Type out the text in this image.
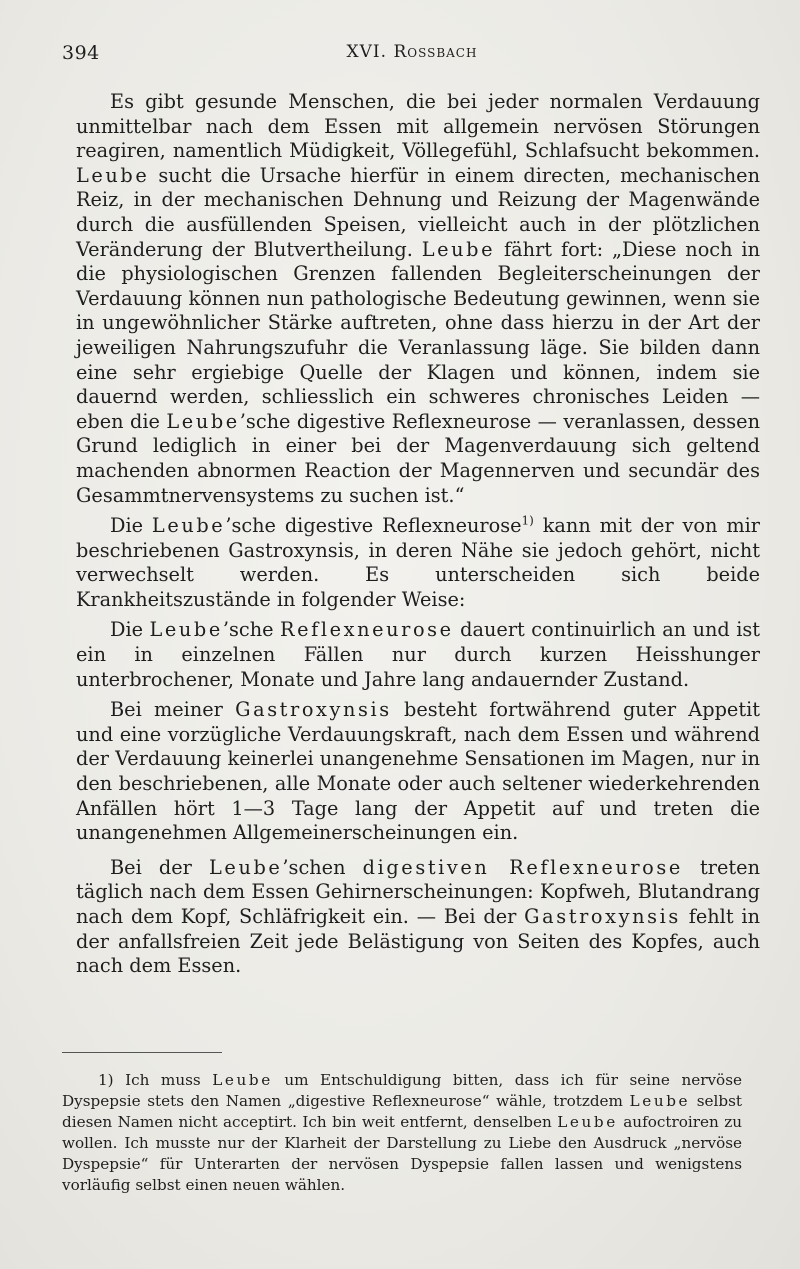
394	XVI. Rossbach

Es gibt gesunde Menschen, die bei jeder normalen Verdauung unmittelbar nach dem Essen mit allgemein nervösen Störungen reagiren, namentlich Müdigkeit, Völlegefühl, Schlafsucht bekommen. Leube sucht die Ursache hierfür in einem directen, mechanischen Reiz, in der mechanischen Dehnung und Reizung der Magenwände durch die ausfüllenden Speisen, vielleicht auch in der plötzlichen Veränderung der Blutvertheilung. Leube fährt fort: „Diese noch in die physiologischen Grenzen fallenden Begleiterscheinungen der Verdauung können nun pathologische Bedeutung gewinnen, wenn sie in ungewöhnlicher Stärke auftreten, ohne dass hierzu in der Art der jeweiligen Nahrungszufuhr die Veranlassung läge. Sie bilden dann eine sehr ergiebige Quelle der Klagen und können, indem sie dauernd werden, schliesslich ein schweres chronisches Leiden — eben die Leube’sche digestive Reflexneurose — veranlassen, dessen Grund lediglich in einer bei der Magenverdauung sich geltend machenden abnormen Reaction der Magennerven und secundär des Gesammtnervensystems zu suchen ist.“

Die Leube’sche digestive Reflexneurose$^{1)}$ kann mit der von mir beschriebenen Gastroxynsis, in deren Nähe sie jedoch gehört, nicht verwechselt werden. Es unterscheiden sich beide Krankheitszustände in folgender Weise:

Die Leube’sche Reflexneurose dauert continuirlich an und ist ein in einzelnen Fällen nur durch kurzen Heisshunger unterbrochener, Monate und Jahre lang andauernder Zustand.

Bei meiner Gastroxynsis besteht fortwährend guter Appetit und eine vorzügliche Verdauungskraft, nach dem Essen und während der Verdauung keinerlei unangenehme Sensationen im Magen, nur in den beschriebenen, alle Monate oder auch seltener wiederkehrenden Anfällen hört 1—3 Tage lang der Appetit auf und treten die unangenehmen Allgemeinerscheinungen ein.

Bei der Leube’schen digestiven Reflexneurose treten täglich nach dem Essen Gehirnerscheinungen: Kopfweh, Blutandrang nach dem Kopf, Schläfrigkeit ein. — Bei der Gastroxynsis fehlt in der anfallsfreien Zeit jede Belästigung von Seiten des Kopfes, auch nach dem Essen.

1) Ich muss Leube um Entschuldigung bitten, dass ich für seine nervöse Dyspepsie stets den Namen „digestive Reflexneurose“ wähle, trotzdem Leube selbst diesen Namen nicht acceptirt. Ich bin weit entfernt, denselben Leube aufoctroiren zu wollen. Ich musste nur der Klarheit der Darstellung zu Liebe den Ausdruck „nervöse Dyspepsie“ für Unterarten der nervösen Dyspepsie fallen lassen und wenigstens vorläufig selbst einen neuen wählen.
